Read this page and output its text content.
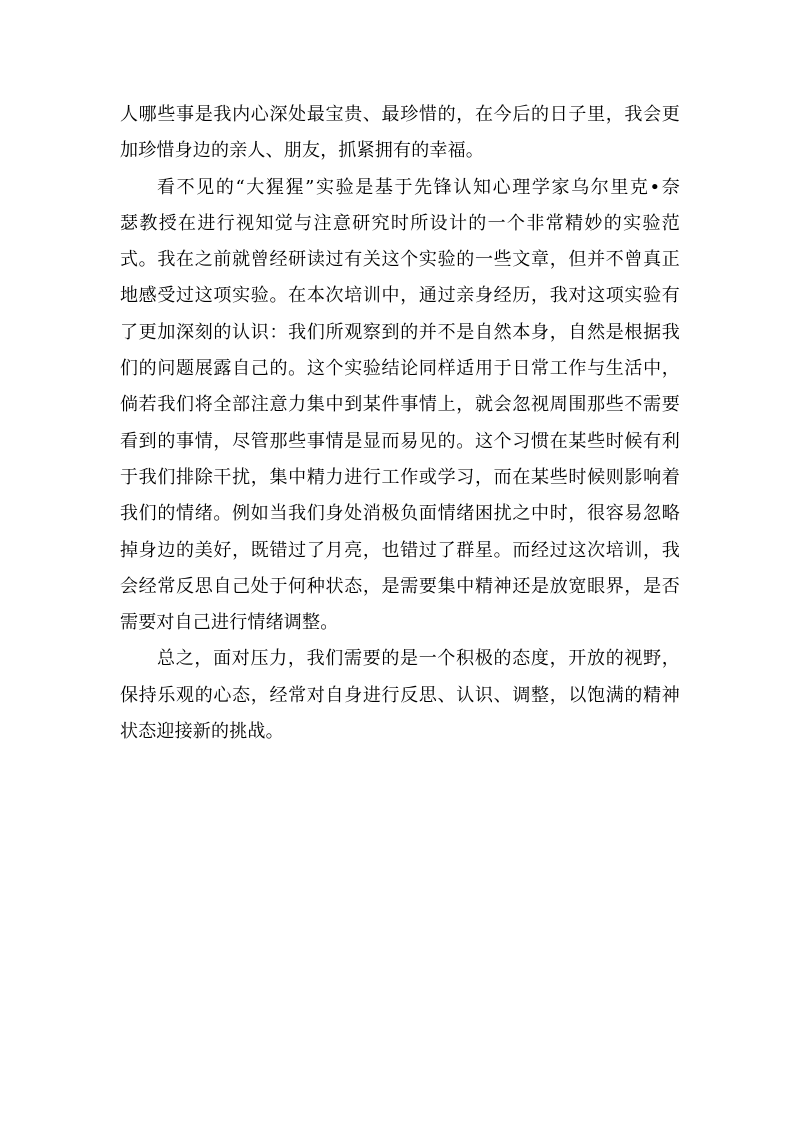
人哪些事是我内心深处最宝贵、最珍惜的，在今后的日子里，我会更
加珍惜身边的亲人、朋友，抓紧拥有的幸福。

看不见的“大猩猩”实验是基于先锋认知心理学家乌尔里克•奈
瑟教授在进行视知觉与注意研究时所设计的一个非常精妙的实验范
式。我在之前就曾经研读过有关这个实验的一些文章，但并不曾真正
地感受过这项实验。在本次培训中，通过亲身经历，我对这项实验有
了更加深刻的认识：我们所观察到的并不是自然本身，自然是根据我
们的问题展露自己的。这个实验结论同样适用于日常工作与生活中，
倘若我们将全部注意力集中到某件事情上，就会忽视周围那些不需要
看到的事情，尽管那些事情是显而易见的。这个习惯在某些时候有利
于我们排除干扰，集中精力进行工作或学习，而在某些时候则影响着
我们的情绪。例如当我们身处消极负面情绪困扰之中时，很容易忽略
掉身边的美好，既错过了月亮，也错过了群星。而经过这次培训，我
会经常反思自己处于何种状态，是需要集中精神还是放宽眼界，是否
需要对自己进行情绪调整。

总之，面对压力，我们需要的是一个积极的态度，开放的视野，
保持乐观的心态，经常对自身进行反思、认识、调整，以饱满的精神
状态迎接新的挑战。
